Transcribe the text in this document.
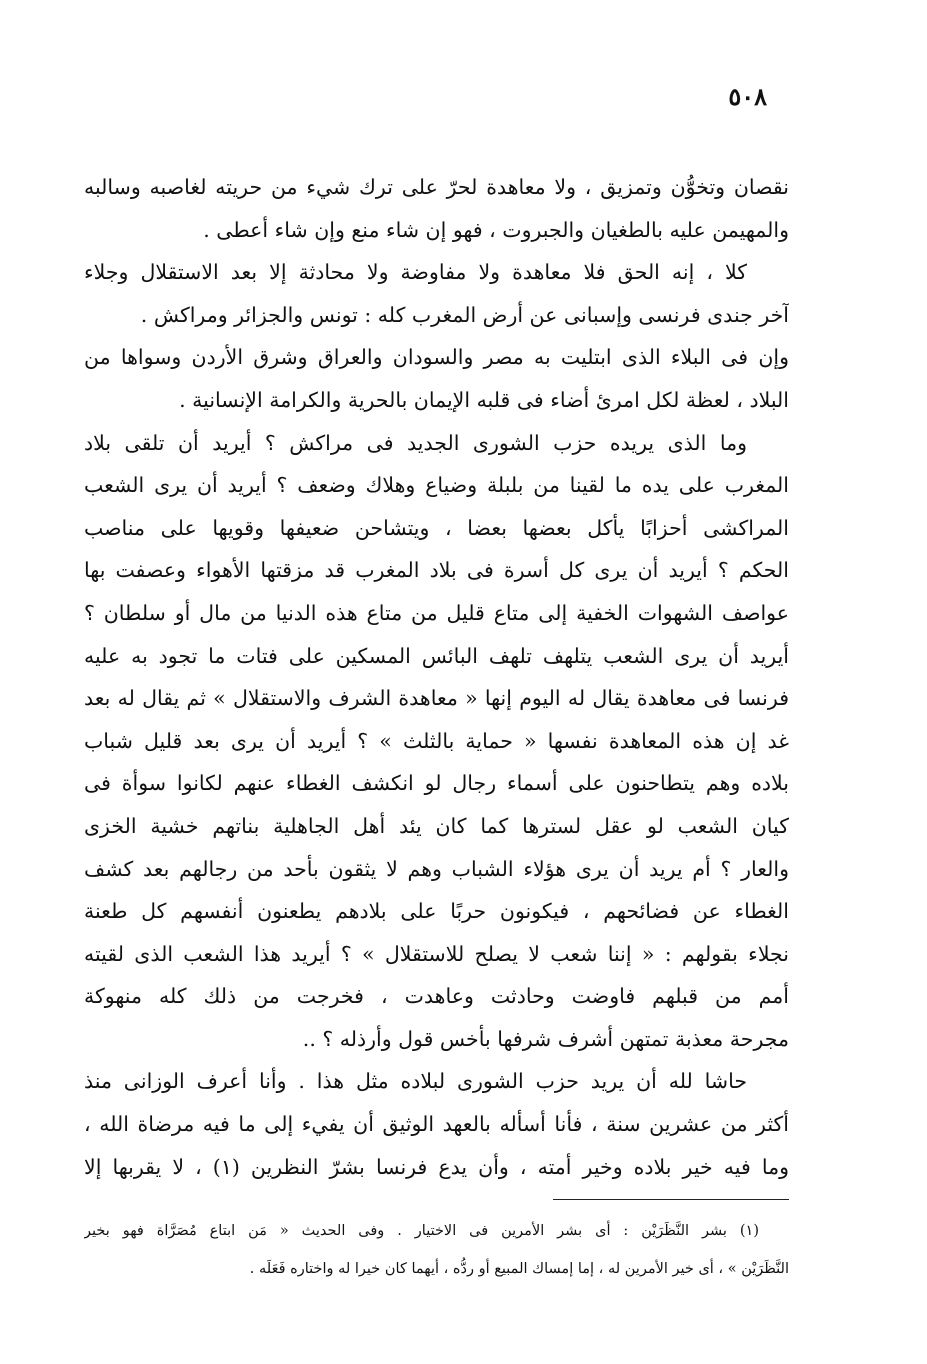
٥٠٨
نقصان وتخوُّن وتمزيق ، ولا معاهدة لحرّ على ترك شيء من حريته لغاصبه وسالبه
والمهيمن عليه بالطغيان والجبروت ، فهو إن شاء منع وإن شاء أعطى .
كلا ، إنه الحق فلا معاهدة ولا مفاوضة ولا محادثة إلا بعد الاستقلال وجلاء
آخر جندى فرنسى وإسبانى عن أرض المغرب كله : تونس والجزائر ومراكش .
وإن فى البلاء الذى ابتليت به مصر والسودان والعراق وشرق الأردن وسواها من
البلاد ، لعظة لكل امرئ أضاء فى قلبه الإيمان بالحرية والكرامة الإنسانية .
وما الذى يريده حزب الشورى الجديد فى مراكش ؟ أيريد أن تلقى بلاد
المغرب على يده ما لقينا من بلبلة وضياع وهلاك وضعف ؟ أيريد أن يرى الشعب
المراكشى أحزابًا يأكل بعضها بعضا ، ويتشاحن ضعيفها وقويها على مناصب
الحكم ؟ أيريد أن يرى كل أسرة فى بلاد المغرب قد مزقتها الأهواء وعصفت بها
عواصف الشهوات الخفية إلى متاع قليل من متاع هذه الدنيا من مال أو سلطان ؟
أيريد أن يرى الشعب يتلهف تلهف البائس المسكين على فتات ما تجود به عليه
فرنسا فى معاهدة يقال له اليوم إنها « معاهدة الشرف والاستقلال » ثم يقال له بعد
غد إن هذه المعاهدة نفسها « حماية بالثلث » ؟ أيريد أن يرى بعد قليل شباب
بلاده وهم يتطاحنون على أسماء رجال لو انكشف الغطاء عنهم لكانوا سوأة فى
كيان الشعب لو عقل لسترها كما كان يئد أهل الجاهلية بناتهم خشية الخزى
والعار ؟ أم يريد أن يرى هؤلاء الشباب وهم لا يثقون بأحد من رجالهم بعد كشف
الغطاء عن فضائحهم ، فيكونون حربًا على بلادهم يطعنون أنفسهم كل طعنة
نجلاء بقولهم : « إننا شعب لا يصلح للاستقلال » ؟ أيريد هذا الشعب الذى لقيته
أمم من قبلهم فاوضت وحادثت وعاهدت ، فخرجت من ذلك كله منهوكة
مجرحة معذبة تمتهن أشرف شرفها بأخس قول وأرذله ؟ ..
حاشا لله أن يريد حزب الشورى لبلاده مثل هذا . وأنا أعرف الوزانى منذ
أكثر من عشرين سنة ، فأنا أسأله بالعهد الوثيق أن يفيء إلى ما فيه مرضاة الله ،
وما فيه خير بلاده وخير أمته ، وأن يدع فرنسا بشرّ النظرين (١) ، لا يقربها إلا
(١) بشر النَّظَرَيْن : أى بشر الأمرين فى الاختيار . وفى الحديث « مَن ابتاع مُصَرَّاة فهو بخير
النَّظَرَيْن » ، أى خير الأمرين له ، إما إمساك المبيع أو ردُّه ، أيهما كان خيرا له واختاره فَعَلَه .
